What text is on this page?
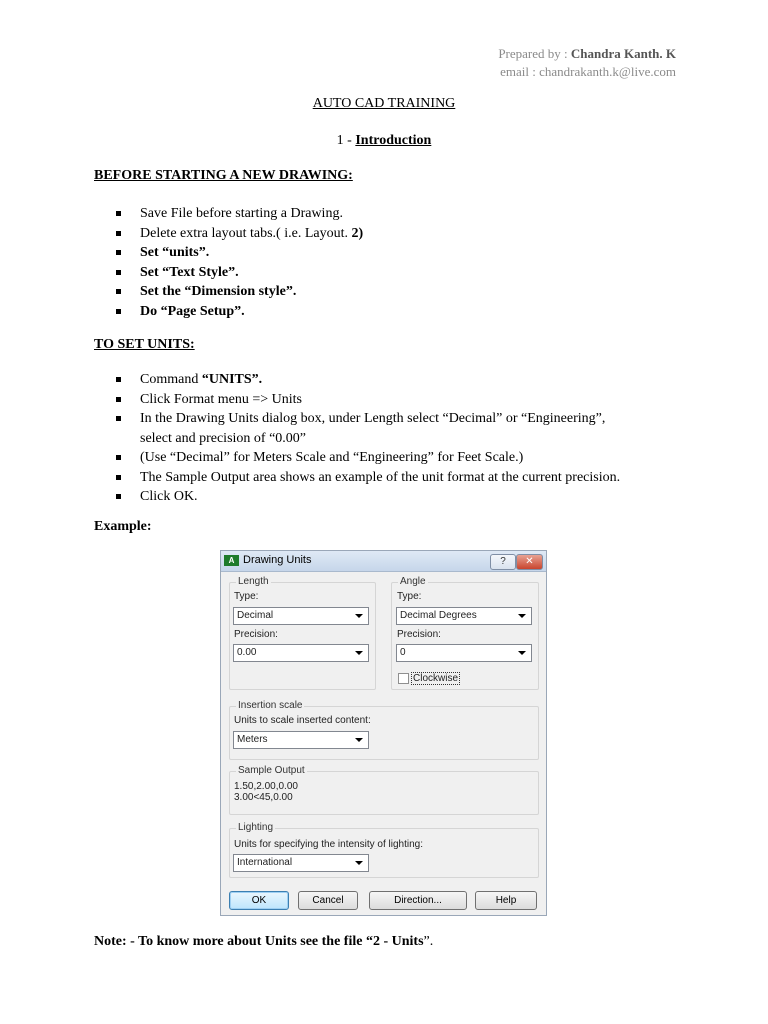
Prepared by : Chandra Kanth. K
email : chandrakanth.k@live.com
AUTO CAD TRAINING
1 - Introduction
BEFORE STARTING A NEW DRAWING:
Save File before starting a Drawing.
Delete extra layout tabs.( i.e. Layout. 2)
Set “units”.
Set “Text Style”.
Set the “Dimension style”.
Do “Page Setup”.
TO SET UNITS:
Command “UNITS”.
Click Format menu => Units
In the Drawing Units dialog box, under Length select “Decimal” or “Engineering”,
select and precision of “0.00”
(Use “Decimal” for Meters Scale and “Engineering” for Feet Scale.)
The Sample Output area shows an example of the unit format at the current precision.
Click OK.
Example:
A Drawing Units	?	✕
Length
Type:
Decimal
Precision:
0.00
Angle
Type:
Decimal Degrees
Precision:
0
Clockwise
Insertion scale
Units to scale inserted content:
Meters
Sample Output
1.50,2.00,0.00
3.00<45,0.00
Lighting
Units for specifying the intensity of lighting:
International
OK	Cancel	Direction...	Help
Note: - To know more about Units see the file “2 - Units”.
